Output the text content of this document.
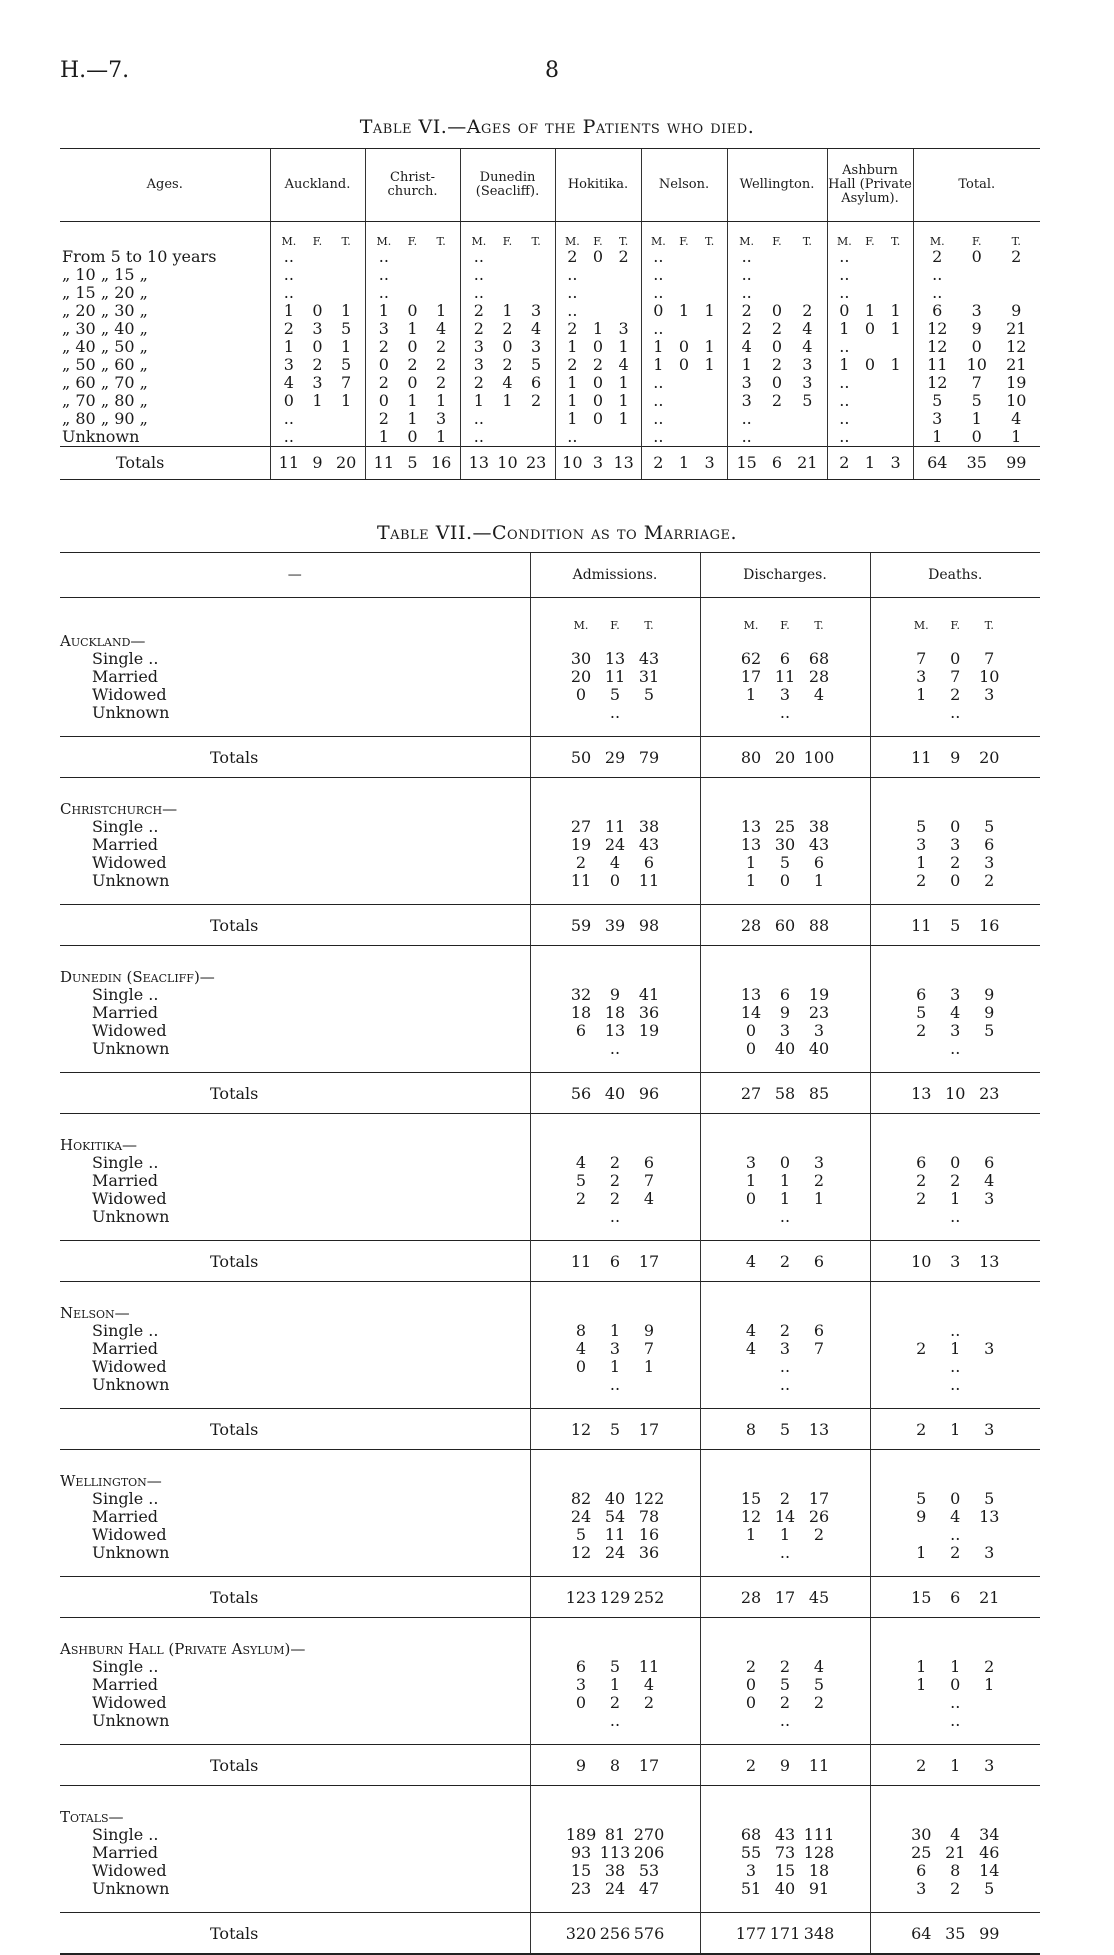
H.—7.	8
Table VI.—Ages of the Patients who died.
Ages.	Auckland.	Christ-church.	Dunedin (Seacliff).	Hokitika.	Nelson.	Wellington.	Ashburn Hall (Private Asylum).	Total.

	M. F. T.	M. F. T.	M. F. T.	M. F. T.	M. F. T.	M. F. T.	M. F. T.	M. F. T.

From 5 to 10 years	..	..	..	2 0 2	..	..	..	2 0 2

„ 10 „ 15 „	..	..	..	..	..	..	..	..

„ 15 „ 20 „	..	..	..	..	..	..	..	..

„ 20 „ 30 „	1 0 1	1 0 1	2 1 3	..	0 1 1	2 0 2	0 1 1	6 3 9

„ 30 „ 40 „	2 3 5	3 1 4	2 2 4	2 1 3	..	2 2 4	1 0 1	12 9 21

„ 40 „ 50 „	1 0 1	2 0 2	3 0 3	1 0 1	1 0 1	4 0 4	..	12 0 12

„ 50 „ 60 „	3 2 5	0 2 2	3 2 5	2 2 4	1 0 1	1 2 3	1 0 1	11 10 21

„ 60 „ 70 „	4 3 7	2 0 2	2 4 6	1 0 1	..	3 0 3	..	12 7 19

„ 70 „ 80 „	0 1 1	0 1 1	1 1 2	1 0 1	..	3 2 5	..	5 5 10

„ 80 „ 90 „	..	2 1 3	..	1 0 1	..	..	..	3 1 4

Unknown	..	1 0 1	..	..	..	..	..	1 0 1

Totals	11 9 20	11 5 16	13 10 23	10 3 13	2 1 3	15 6 21	2 1 3	64 35 99
Table VII.—Condition as to Marriage.
—	Admissions.	Discharges.	Deaths.

	M. F. T.	M. F. T.	M. F. T.

Auckland—			
Single ..	30 13 43	62 6 68	7 0 7

Married	20 11 31	17 11 28	3 7 10

Widowed	0 5 5	1 3 4	1 2 3

Unknown	..	..	..

Totals	50 29 79	80 20 100	11 9 20

Christchurch—			
Single ..	27 11 38	13 25 38	5 0 5

Married	19 24 43	13 30 43	3 3 6

Widowed	2 4 6	1 5 6	1 2 3

Unknown	11 0 11	1 0 1	2 0 2

Totals	59 39 98	28 60 88	11 5 16

Dunedin (Seacliff)—			
Single ..	32 9 41	13 6 19	6 3 9

Married	18 18 36	14 9 23	5 4 9

Widowed	6 13 19	0 3 3	2 3 5

Unknown	..	0 40 40	..

Totals	56 40 96	27 58 85	13 10 23

Hokitika—			
Single ..	4 2 6	3 0 3	6 0 6

Married	5 2 7	1 1 2	2 2 4

Widowed	2 2 4	0 1 1	2 1 3

Unknown	..	..	..

Totals	11 6 17	4 2 6	10 3 13

Nelson—			
Single ..	8 1 9	4 2 6	..

Married	4 3 7	4 3 7	2 1 3

Widowed	0 1 1	..	..

Unknown	..	..	..

Totals	12 5 17	8 5 13	2 1 3

Wellington—			
Single ..	82 40 122	15 2 17	5 0 5

Married	24 54 78	12 14 26	9 4 13

Widowed	5 11 16	1 1 2	..

Unknown	12 24 36	..	1 2 3

Totals	123 129 252	28 17 45	15 6 21

Ashburn Hall (Private Asylum)—			
Single ..	6 5 11	2 2 4	1 1 2

Married	3 1 4	0 5 5	1 0 1

Widowed	0 2 2	0 2 2	..

Unknown	..	..	..

Totals	9 8 17	2 9 11	2 1 3

Totals—			
Single ..	189 81 270	68 43 111	30 4 34

Married	93 113 206	55 73 128	25 21 46

Widowed	15 38 53	3 15 18	6 8 14

Unknown	23 24 47	51 40 91	3 2 5

Totals	320 256 576	177 171 348	64 35 99
